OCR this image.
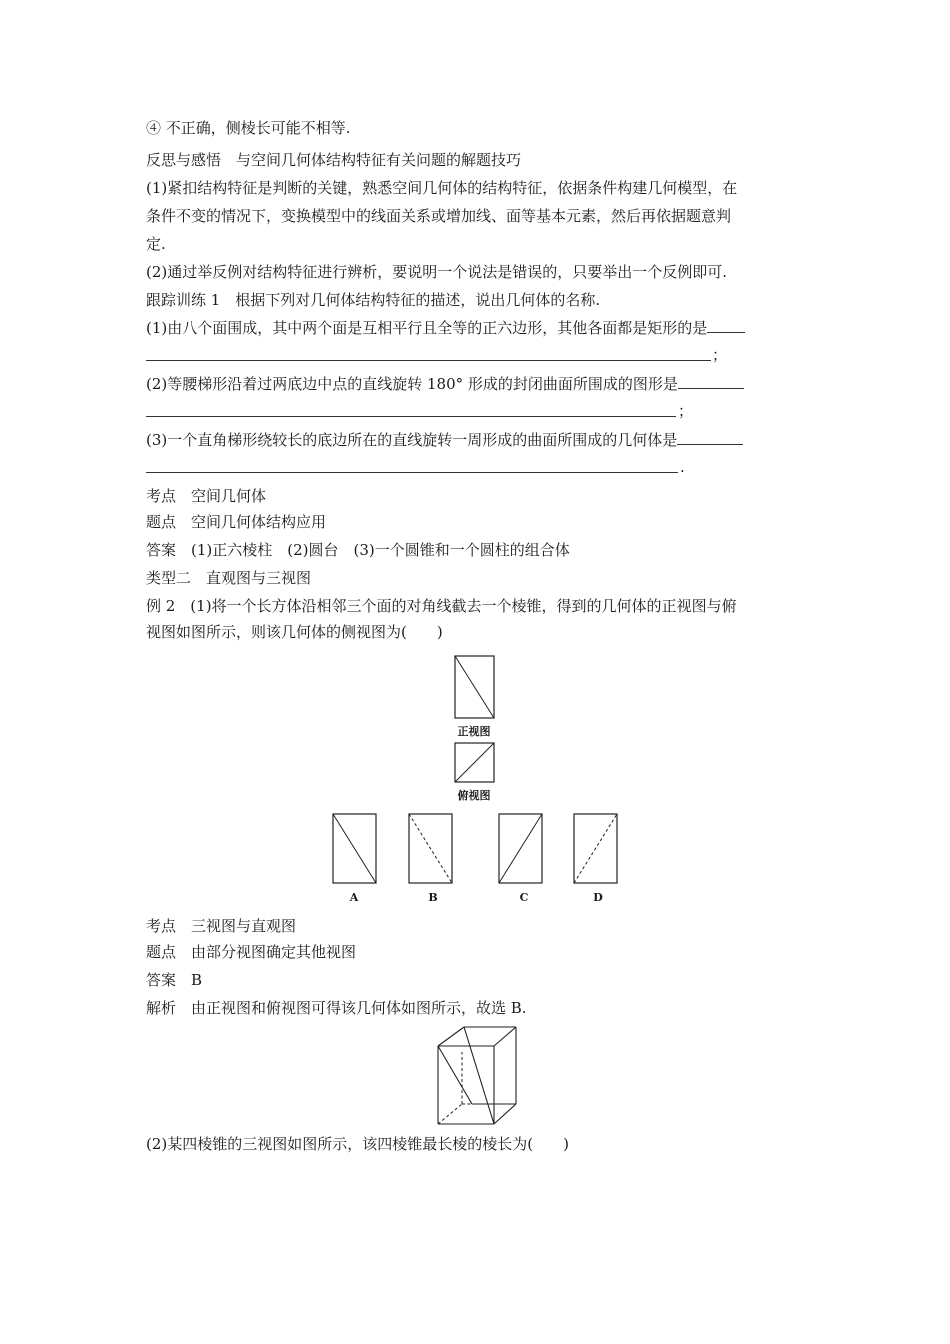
④ 不正确，侧棱长可能不相等.
反思与感悟　与空间几何体结构特征有关问题的解题技巧
(1)紧扣结构特征是判断的关键，熟悉空间几何体的结构特征，依据条件构建几何模型，在
条件不变的情况下，变换模型中的线面关系或增加线、面等基本元素，然后再依据题意判
定.
(2)通过举反例对结构特征进行辨析，要说明一个说法是错误的，只要举出一个反例即可.
跟踪训练 1　根据下列对几何体结构特征的描述，说出几何体的名称.
(1)由八个面围成，其中两个面是互相平行且全等的正六边形，其他各面都是矩形的是
；
(2)等腰梯形沿着过两底边中点的直线旋转 180° 形成的封闭曲面所围成的图形是
；
(3)一个直角梯形绕较长的底边所在的直线旋转一周形成的曲面所围成的几何体是
.
考点　空间几何体
题点　空间几何体结构应用
答案　(1)正六棱柱　(2)圆台　(3)一个圆锥和一个圆柱的组合体
类型二　直观图与三视图
例 2　(1)将一个长方体沿相邻三个面的对角线截去一个棱锥，得到的几何体的正视图与俯
视图如图所示，则该几何体的侧视图为(　　)
正视图
俯视图
A	B	C	D
考点　三视图与直观图
题点　由部分视图确定其他视图
答案　B
解析　由正视图和俯视图可得该几何体如图所示，故选 B.
(2)某四棱锥的三视图如图所示，该四棱锥最长棱的棱长为(　　)
